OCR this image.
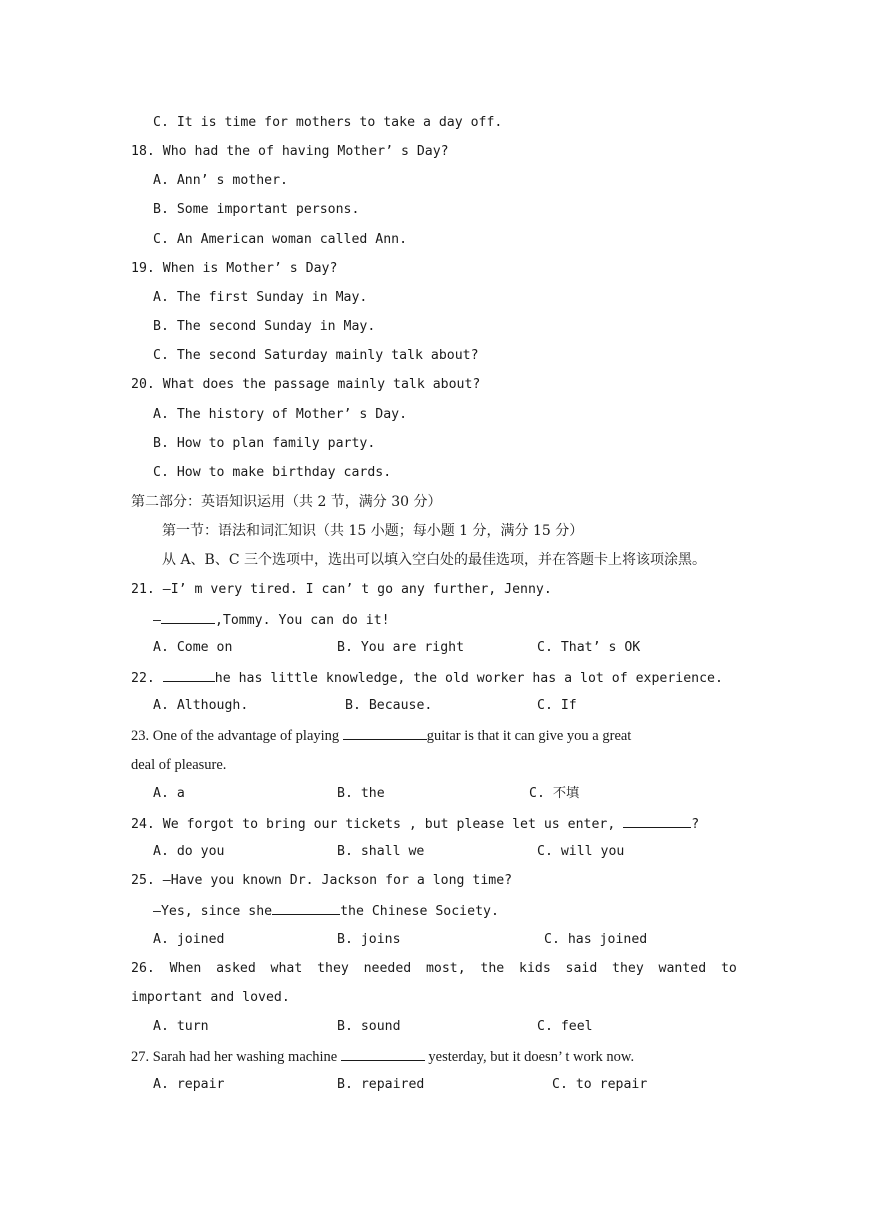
C. It is time for mothers to take a day off.
18. Who had the of having Mother’ s Day?
A. Ann’ s mother.
B. Some important persons.
C. An American woman called Ann.
19. When is Mother’ s Day?
A. The first Sunday in May.
B. The second Sunday in May.
C. The second Saturday mainly talk about?
20. What does the passage mainly talk about?
A. The history of Mother’ s Day.
B. How to plan family party.
C. How to make birthday cards.
第二部分：英语知识运用（共 2 节，满分 30 分）
第一节：语法和词汇知识（共 15 小题；每小题 1 分，满分 15 分）
从 A、B、C 三个选项中，选出可以填入空白处的最佳选项，并在答题卡上将该项涂黑。
21. —I’ m very tired. I can’ t go any further, Jenny.
—	,Tommy. You can do it!
A. Come on	B. You are right	C. That’ s OK
22.	he has little knowledge, the old worker has a lot of experience.
A. Although.	B. Because.	C. If
23. One of the advantage of playing	guitar is that it can give you a great
deal of pleasure.
A. a	B. the	C. 不填
24. We forgot to bring our tickets , but please let us enter,	?
A. do you	B. shall we	C. will you
25. —Have you known Dr. Jackson for a long time?
—Yes, since she	the Chinese Society.
A. joined	B. joins	C. has joined
26. When asked what they needed most, the kids said they wanted to
important and loved.
A. turn	B. sound	C. feel
27. Sarah had her washing machine	yesterday, but it doesn’ t work now.
A. repair	B. repaired	C. to repair
